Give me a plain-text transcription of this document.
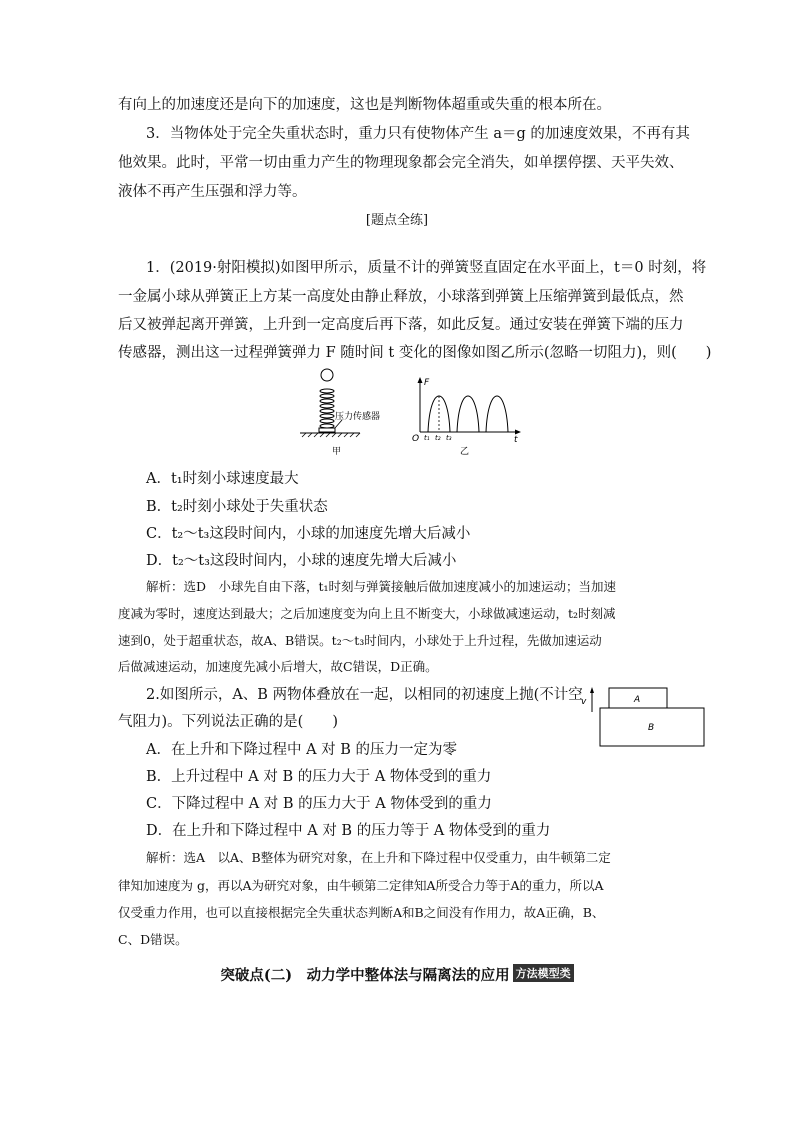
有向上的加速度还是向下的加速度，这也是判断物体超重或失重的根本所在。
3．当物体处于完全失重状态时，重力只有使物体产生 a＝g 的加速度效果，不再有其
他效果。此时，平常一切由重力产生的物理现象都会完全消失，如单摆停摆、天平失效、
液体不再产生压强和浮力等。
[题点全练]
1．(2019·射阳模拟)如图甲所示，质量不计的弹簧竖直固定在水平面上，t＝0 时刻，将
一金属小球从弹簧正上方某一高度处由静止释放，小球落到弹簧上压缩弹簧到最低点，然
后又被弹起离开弹簧，上升到一定高度后再下落，如此反复。通过安装在弹簧下端的压力
传感器，测出这一过程弹簧弹力 F 随时间 t 变化的图像如图乙所示(忽略一切阻力)，则(　　)
压力传感器
甲
F
t
O t₁ t₂ t₃
乙
A．t₁时刻小球速度最大
B．t₂时刻小球处于失重状态
C．t₂～t₃这段时间内，小球的加速度先增大后减小
D．t₂～t₃这段时间内，小球的速度先增大后减小
解析：选D　小球先自由下落，t₁时刻与弹簧接触后做加速度减小的加速运动；当加速
度减为零时，速度达到最大；之后加速度变为向上且不断变大，小球做减速运动，t₂时刻减
速到0，处于超重状态，故A、B错误。t₂～t₃时间内，小球处于上升过程，先做加速运动
后做减速运动，加速度先减小后增大，故C错误，D正确。
2.如图所示，A、B 两物体叠放在一起，以相同的初速度上抛(不计空
气阻力)。下列说法正确的是(　　)
v	A
B
A．在上升和下降过程中 A 对 B 的压力一定为零
B．上升过程中 A 对 B 的压力大于 A 物体受到的重力
C．下降过程中 A 对 B 的压力大于 A 物体受到的重力
D．在上升和下降过程中 A 对 B 的压力等于 A 物体受到的重力
解析：选A　以A、B整体为研究对象，在上升和下降过程中仅受重力，由牛顿第二定
律知加速度为 g，再以A为研究对象，由牛顿第二定律知A所受合力等于A的重力，所以A
仅受重力作用，也可以直接根据完全失重状态判断A和B之间没有作用力，故A正确，B、
C、D错误。
突破点(二)　动力学中整体法与隔离法的应用 方法模型类
